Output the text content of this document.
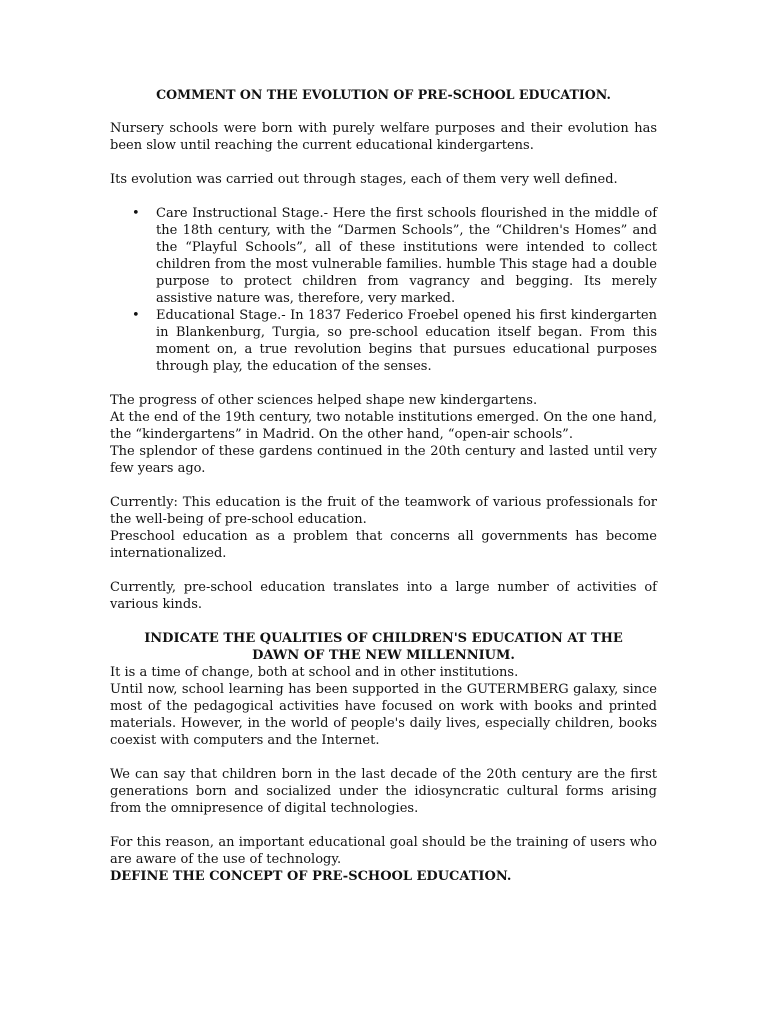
COMMENT ON THE EVOLUTION OF PRE-SCHOOL EDUCATION.

Nursery schools were born with purely welfare purposes and their evolution has been slow until reaching the current educational kindergartens.

Its evolution was carried out through stages, each of them very well defined.

• Care Instructional Stage.- Here the first schools flourished in the middle of the 18th century, with the “Darmen Schools”, the “Children's Homes” and the “Playful Schools”, all of these institutions were intended to collect children from the most vulnerable families. humble This stage had a double purpose to protect children from vagrancy and begging. Its merely assistive nature was, therefore, very marked.
• Educational Stage.- In 1837 Federico Froebel opened his first kindergarten in Blankenburg, Turgia, so pre-school education itself began. From this moment on, a true revolution begins that pursues educational purposes through play, the education of the senses.

The progress of other sciences helped shape new kindergartens.

At the end of the 19th century, two notable institutions emerged. On the one hand, the “kindergartens” in Madrid. On the other hand, “open-air schools”.

The splendor of these gardens continued in the 20th century and lasted until very few years ago.

Currently: This education is the fruit of the teamwork of various professionals for the well-being of pre-school education.

Preschool education as a problem that concerns all governments has become internationalized.

Currently, pre-school education translates into a large number of activities of various kinds.

INDICATE THE QUALITIES OF CHILDREN'S EDUCATION AT THE DAWN OF THE NEW MILLENNIUM.

It is a time of change, both at school and in other institutions.

Until now, school learning has been supported in the GUTERMBERG galaxy, since most of the pedagogical activities have focused on work with books and printed materials. However, in the world of people's daily lives, especially children, books coexist with computers and the Internet.

We can say that children born in the last decade of the 20th century are the first generations born and socialized under the idiosyncratic cultural forms arising from the omnipresence of digital technologies.

For this reason, an important educational goal should be the training of users who are aware of the use of technology.

DEFINE THE CONCEPT OF PRE-SCHOOL EDUCATION.
